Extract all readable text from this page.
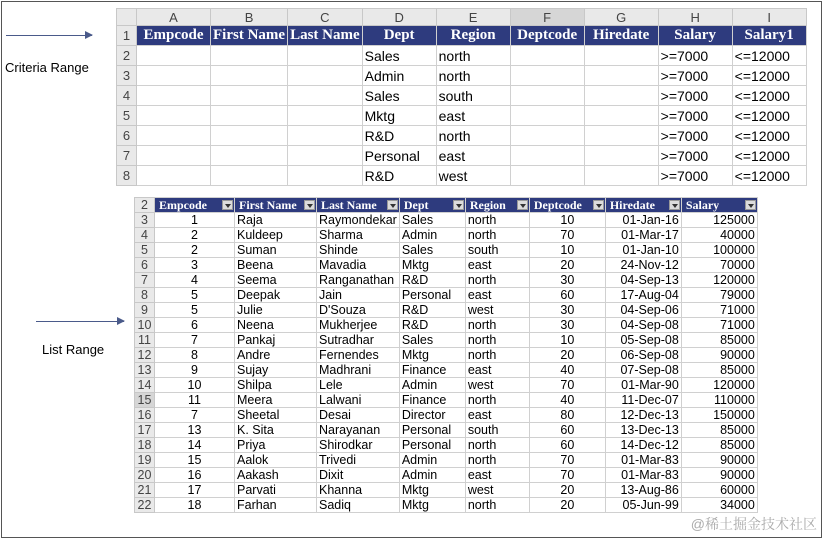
Criteria Range
List Range
	A	B	C	D	E	F	G	H	I
1	Empcode	First Name	Last Name	Dept	Region	Deptcode	Hiredate	Salary	Salary1
2				Sales	north			>=7000	<=12000
3				Admin	north			>=7000	<=12000
4				Sales	south			>=7000	<=12000
5				Mktg	east			>=7000	<=12000
6				R&D	north			>=7000	<=12000
7				Personal	east			>=7000	<=12000
8				R&D	west			>=7000	<=12000
2	Empcode	First Name	Last Name	Dept	Region	Deptcode	Hiredate	Salary

3	1	Raja	Raymondekar	Sales	north	10	01-Jan-16	125000
4	2	Kuldeep	Sharma	Admin	north	70	01-Mar-17	40000
5	2	Suman	Shinde	Sales	south	10	01-Jan-10	100000
6	3	Beena	Mavadia	Mktg	east	20	24-Nov-12	70000
7	4	Seema	Ranganathan	R&D	north	30	04-Sep-13	120000
8	5	Deepak	Jain	Personal	east	60	17-Aug-04	79000
9	5	Julie	D'Souza	R&D	west	30	04-Sep-06	71000
10	6	Neena	Mukherjee	R&D	north	30	04-Sep-08	71000
11	7	Pankaj	Sutradhar	Sales	north	10	05-Sep-08	85000
12	8	Andre	Fernendes	Mktg	north	20	06-Sep-08	90000
13	9	Sujay	Madhrani	Finance	east	40	07-Sep-08	85000
14	10	Shilpa	Lele	Admin	west	70	01-Mar-90	120000
15	11	Meera	Lalwani	Finance	north	40	11-Dec-07	110000
16	7	Sheetal	Desai	Director	east	80	12-Dec-13	150000
17	13	K. Sita	Narayanan	Personal	south	60	13-Dec-13	85000
18	14	Priya	Shirodkar	Personal	north	60	14-Dec-12	85000
19	15	Aalok	Trivedi	Admin	north	70	01-Mar-83	90000
20	16	Aakash	Dixit	Admin	east	70	01-Mar-83	90000
21	17	Parvati	Khanna	Mktg	west	20	13-Aug-86	60000
22	18	Farhan	Sadiq	Mktg	north	20	05-Jun-99	34000
@稀土掘金技术社区
